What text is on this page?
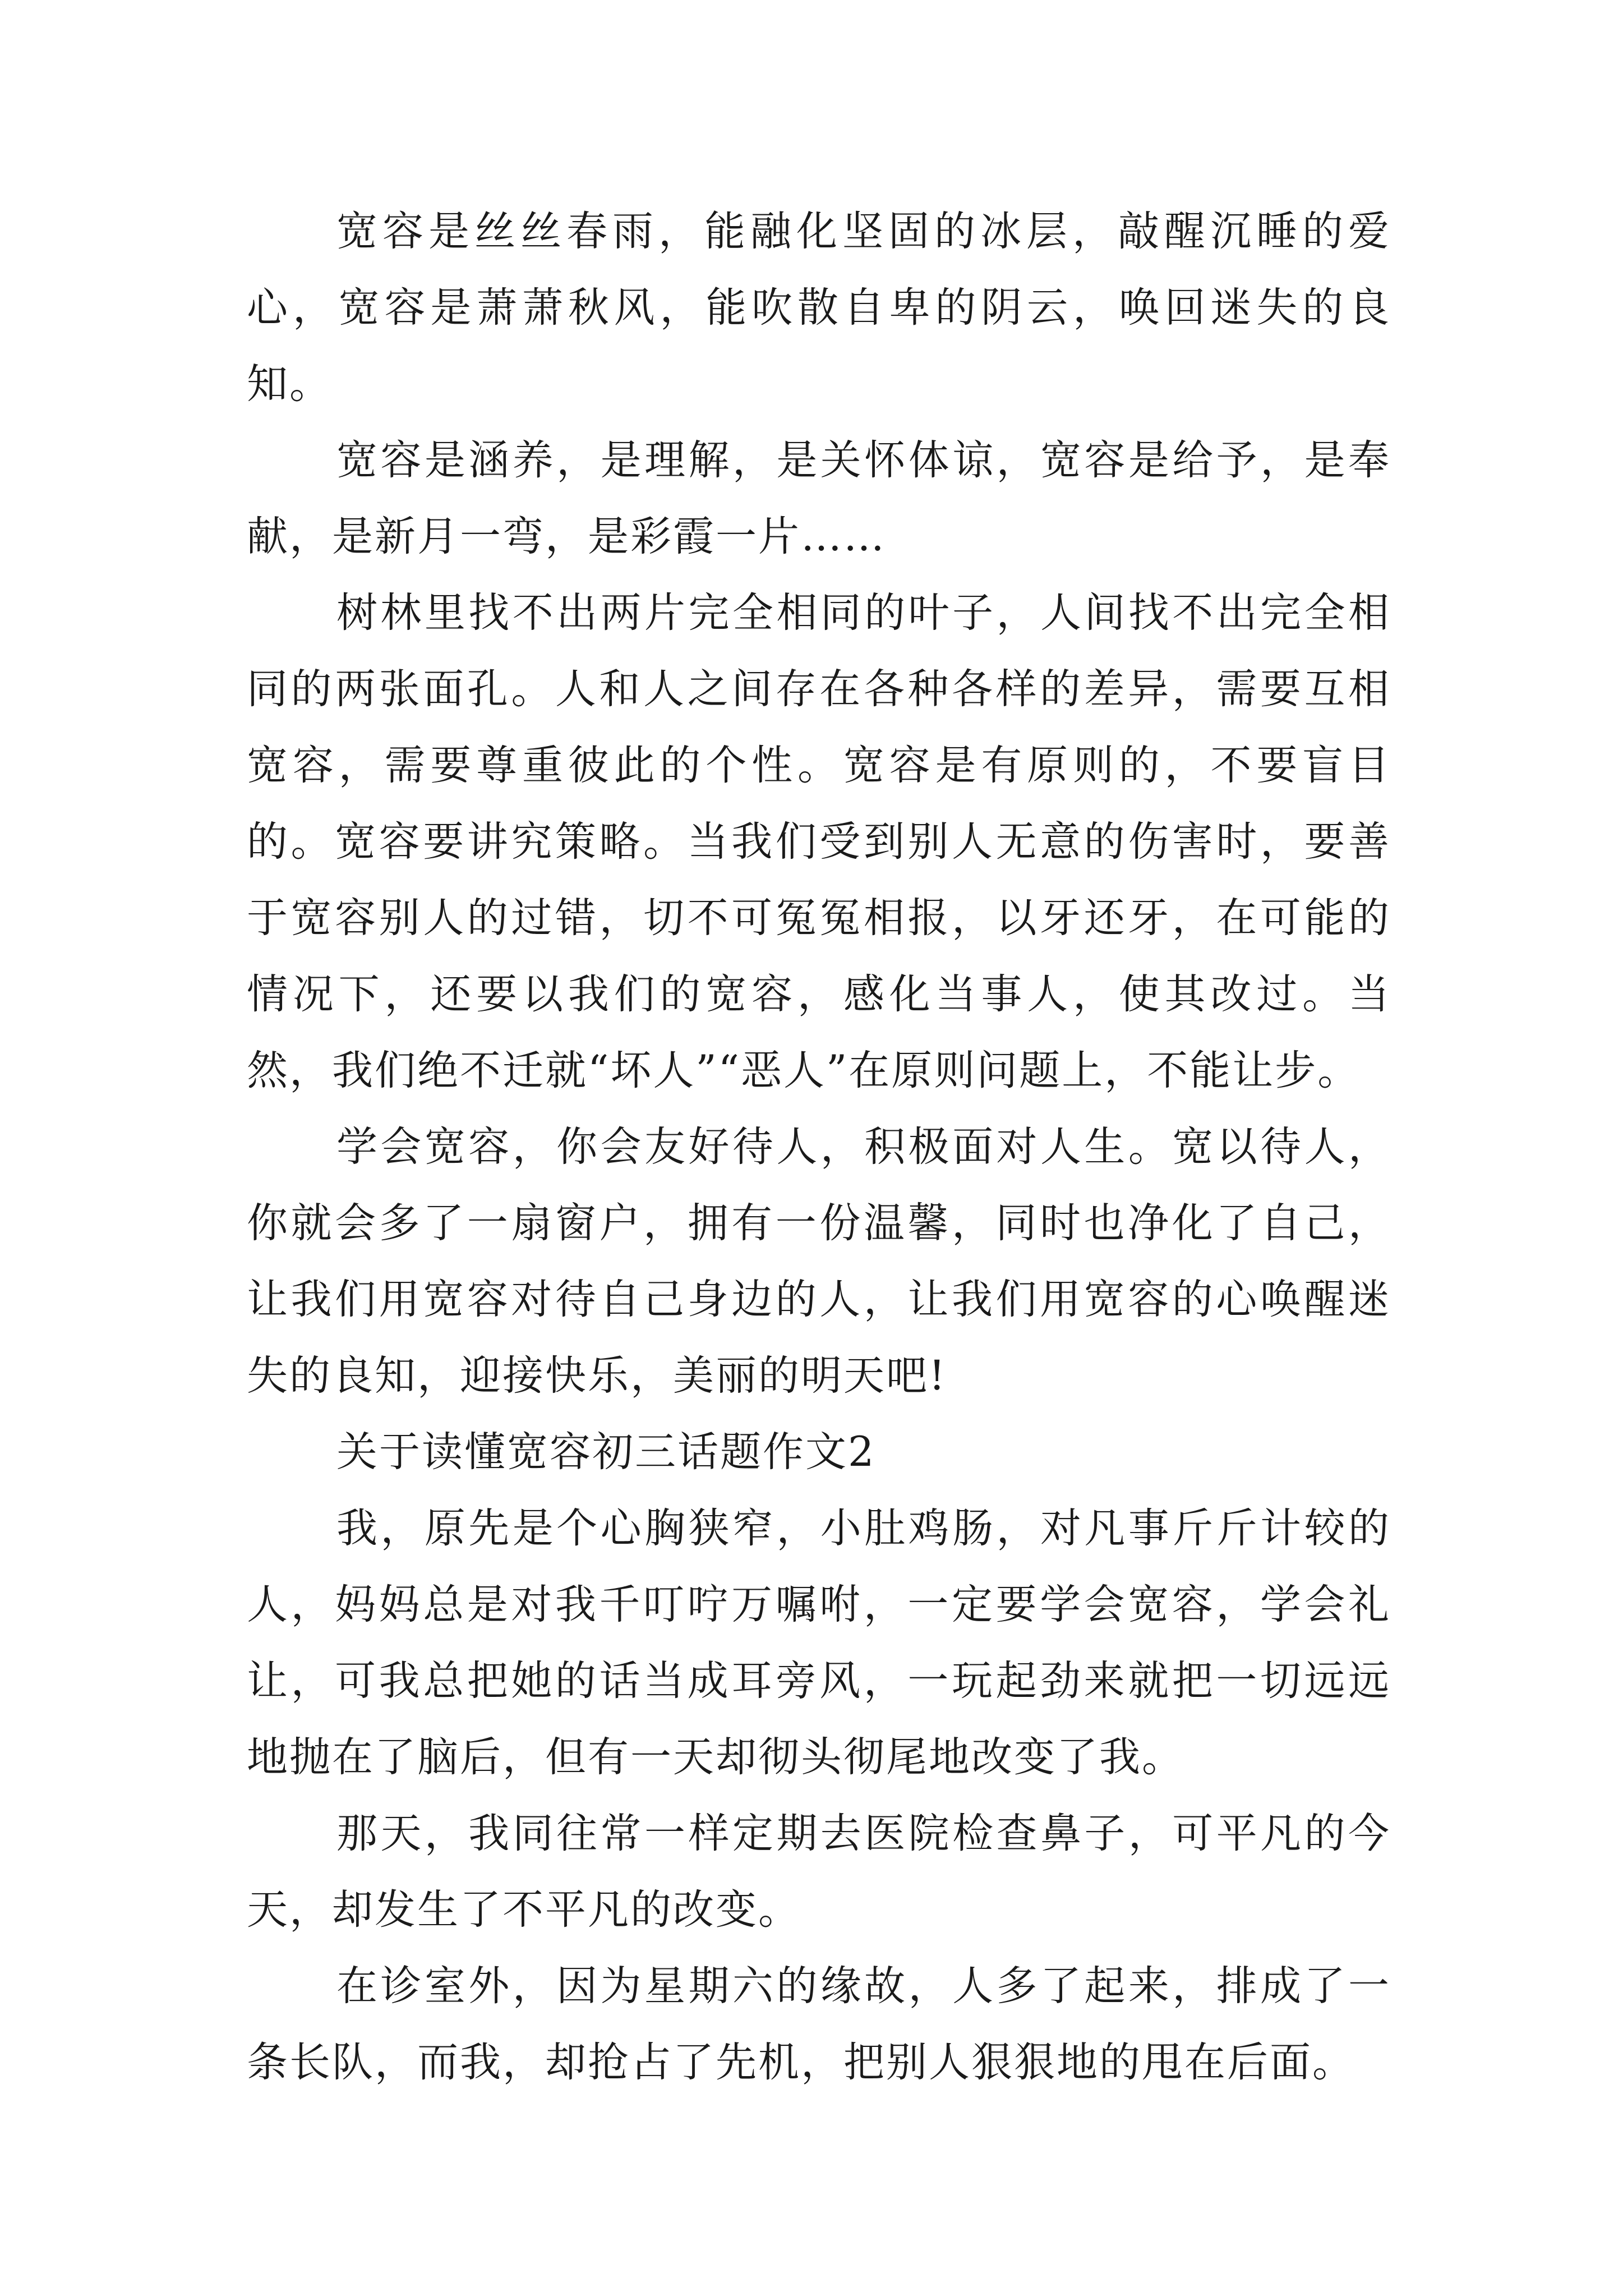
宽容是丝丝春雨，能融化坚固的冰层，敲醒沉睡的爱心，宽容是萧萧秋风，能吹散自卑的阴云，唤回迷失的良知。

宽容是涵养，是理解，是关怀体谅，宽容是给予，是奉献，是新月一弯，是彩霞一片……

树林里找不出两片完全相同的叶子，人间找不出完全相同的两张面孔。人和人之间存在各种各样的差异，需要互相宽容，需要尊重彼此的个性。宽容是有原则的，不要盲目的。宽容要讲究策略。当我们受到别人无意的伤害时，要善于宽容别人的过错，切不可冤冤相报，以牙还牙，在可能的情况下，还要以我们的宽容，感化当事人，使其改过。当然，我们绝不迁就“坏人”“恶人”在原则问题上，不能让步。

学会宽容，你会友好待人，积极面对人生。宽以待人，你就会多了一扇窗户，拥有一份温馨，同时也净化了自己，让我们用宽容对待自己身边的人，让我们用宽容的心唤醒迷失的良知，迎接快乐，美丽的明天吧!

关于读懂宽容初三话题作文2

我，原先是个心胸狭窄，小肚鸡肠，对凡事斤斤计较的人，妈妈总是对我千叮咛万嘱咐，一定要学会宽容，学会礼让，可我总把她的话当成耳旁风，一玩起劲来就把一切远远地抛在了脑后，但有一天却彻头彻尾地改变了我。

那天，我同往常一样定期去医院检查鼻子，可平凡的今天，却发生了不平凡的改变。

在诊室外，因为星期六的缘故，人多了起来，排成了一条长队，而我，却抢占了先机，把别人狠狠地的甩在后面。
